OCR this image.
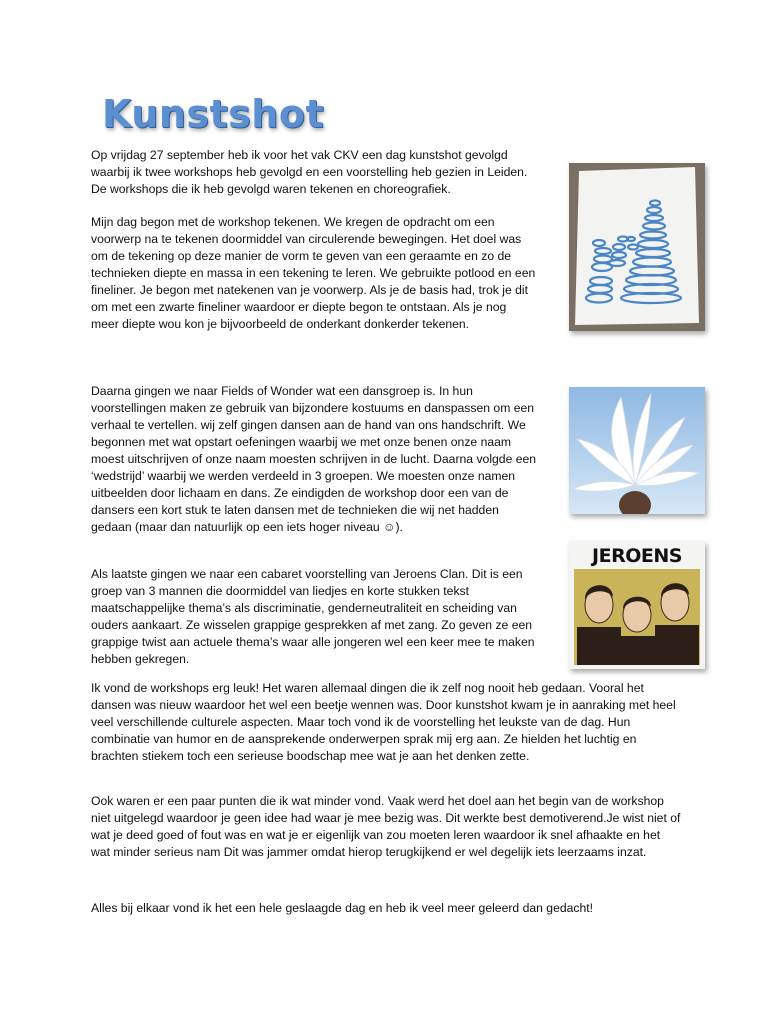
Kunstshot

Op vrijdag 27 september heb ik voor het vak CKV een dag kunstshot gevolgd waarbij ik twee workshops heb gevolgd en een voorstelling heb gezien in Leiden. De workshops die ik heb gevolgd waren tekenen en choreografiek.

Mijn dag begon met de workshop tekenen. We kregen de opdracht om een voorwerp na te tekenen doormiddel van circulerende bewegingen. Het doel was om de tekening op deze manier de vorm te geven van een geraamte en zo de technieken diepte en massa in een tekening te leren. We gebruikte potlood en een fineliner. Je begon met natekenen van je voorwerp. Als je de basis had, trok je dit om met een zwarte fineliner waardoor er diepte begon te ontstaan. Als je nog meer diepte wou kon je bijvoorbeeld de onderkant donkerder tekenen.

Daarna gingen we naar Fields of Wonder wat een dansgroep is. In hun voorstellingen maken ze gebruik van bijzondere kostuums en danspassen om een verhaal te vertellen. wij zelf gingen dansen aan de hand van ons handschrift. We begonnen met wat opstart oefeningen waarbij we met onze benen onze naam moest uitschrijven of onze naam moesten schrijven in de lucht. Daarna volgde een ‘wedstrijd’ waarbij we werden verdeeld in 3 groepen. We moesten onze namen uitbeelden door lichaam en dans. Ze eindigden de workshop door een van de dansers een kort stuk te laten dansen met de technieken die wij net hadden gedaan (maar dan natuurlijk op een iets hoger niveau ☺).

Als laatste gingen we naar een cabaret voorstelling van Jeroens Clan. Dit is een groep van 3 mannen die doormiddel van liedjes en korte stukken tekst maatschappelijke thema’s als discriminatie, genderneutraliteit en scheiding van ouders aankaart. Ze wisselen grappige gesprekken af met zang. Zo geven ze een grappige twist aan actuele thema’s waar alle jongeren wel een keer mee te maken hebben gekregen.

Ik vond de workshops erg leuk! Het waren allemaal dingen die ik zelf nog nooit heb gedaan. Vooral het dansen was nieuw waardoor het wel een beetje wennen was. Door kunstshot kwam je in aanraking met heel veel verschillende culturele aspecten. Maar toch vond ik de voorstelling het leukste van de dag. Hun combinatie van humor en de aansprekende onderwerpen sprak mij erg aan. Ze hielden het luchtig en brachten stiekem toch een serieuse boodschap mee wat je aan het denken zette.

Ook waren er een paar punten die ik wat minder vond. Vaak werd het doel aan het begin van de workshop niet uitgelegd waardoor je geen idee had waar je mee bezig was. Dit werkte best demotiverend.Je wist niet of wat je deed goed of fout was en wat je er eigenlijk van zou moeten leren waardoor ik snel afhaakte en het wat minder serieus nam Dit was jammer omdat hierop terugkijkend er wel degelijk iets leerzaams inzat.

Alles bij elkaar vond ik het een hele geslaagde dag en heb ik veel meer geleerd dan gedacht!

JEROENS
